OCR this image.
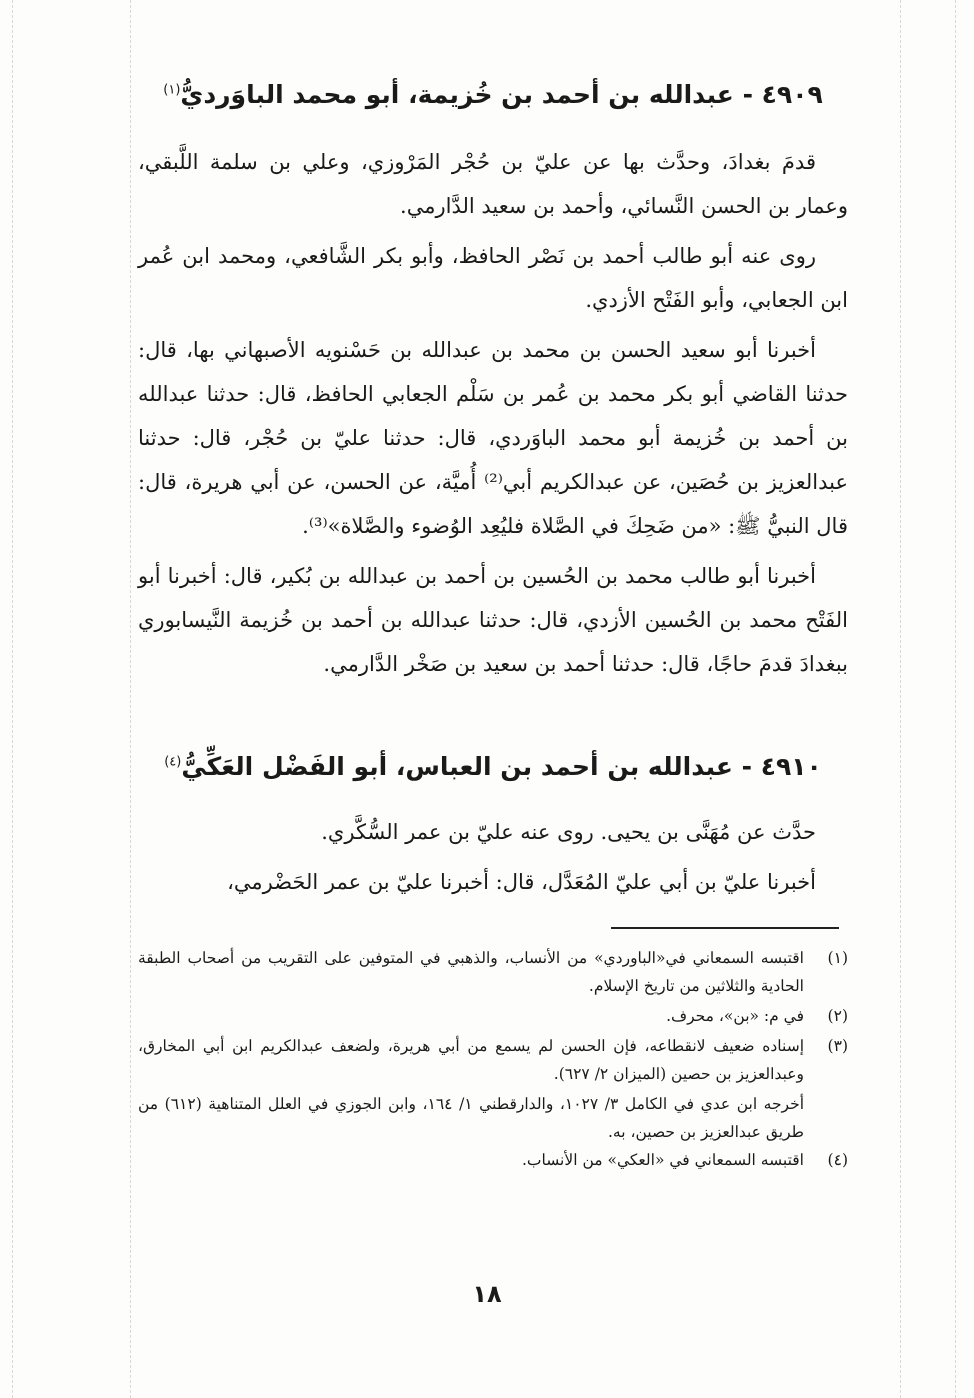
٤٩٠٩ - عبدالله بن أحمد بن خُزيمة، أبو محمد الباوَرديُّ$^{(١)}$

قدمَ بغدادَ، وحدَّث بها عن عليّ بن حُجْر المَرْوزي، وعلي بن سلمة اللَّبقي، وعمار بن الحسن النَّسائي، وأحمد بن سعيد الدَّارمي.

روى عنه أبو طالب أحمد بن نَصْر الحافظ، وأبو بكر الشَّافعي، ومحمد ابن عُمر ابن الجعابي، وأبو الفَتْح الأزدي.

أخبرنا أبو سعيد الحسن بن محمد بن عبدالله بن حَسْنويه الأصبهاني بها، قال: حدثنا القاضي أبو بكر محمد بن عُمر بن سَلْم الجعابي الحافظ، قال: حدثنا عبدالله بن أحمد بن خُزيمة أبو محمد الباوَردي، قال: حدثنا عليّ بن حُجْر، قال: حدثنا عبدالعزيز بن حُصَين، عن عبدالكريم أبي⁽²⁾ أُميَّة، عن الحسن، عن أبي هريرة، قال: قال النبيُّ ﷺ: «من ضَحِكَ في الصَّلاة فليُعِد الوُضوء والصَّلاة»⁽³⁾.

أخبرنا أبو طالب محمد بن الحُسين بن أحمد بن عبدالله بن بُكير، قال: أخبرنا أبو الفَتْح محمد بن الحُسين الأزدي، قال: حدثنا عبدالله بن أحمد بن خُزيمة النَّيسابوري ببغدادَ قدمَ حاجًا، قال: حدثنا أحمد بن سعيد بن صَخْر الدَّارمي.

٤٩١٠ - عبدالله بن أحمد بن العباس، أبو الفَضْل العَكِّيُّ$^{(٤)}$

حدَّث عن مُهَنَّى بن يحيى. روى عنه عليّ بن عمر السُّكَّري.

أخبرنا عليّ بن أبي عليّ المُعَدَّل، قال: أخبرنا عليّ بن عمر الحَضْرمي،

(١)
اقتبسه السمعاني في«الباوردي» من الأنساب، والذهبي في المتوفين على التقريب من أصحاب الطبقة الحادية والثلاثين من تاريخ الإسلام.
(٢)
في م: «بن»، محرف.
(٣)
إسناده ضعيف لانقطاعه، فإن الحسن لم يسمع من أبي هريرة، ولضعف عبدالكريم ابن أبي المخارق، وعبدالعزيز بن حصين (الميزان ٢/ ٦٢٧).
أخرجه ابن عدي في الكامل ٣/ ١٠٢٧، والدارقطني ١/ ١٦٤، وابن الجوزي في العلل المتناهية (٦١٢) من طريق عبدالعزيز بن حصين، به.
(٤)
اقتبسه السمعاني في «العكي» من الأنساب.
١٨
